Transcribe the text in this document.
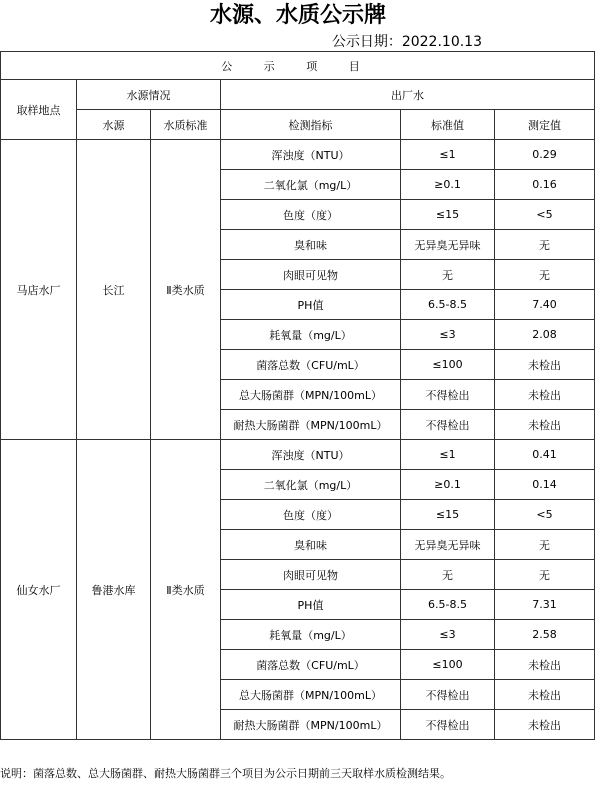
水源、水质公示牌
公示日期：2022.10.13
公 示 项 目					
取样地点	水源情况		出厂水		
	水源	水质标准	检测指标	标准值	测定值
马店水厂	长江	Ⅱ类水质	浑浊度（NTU）	≤1	0.29
			二氧化氯（mg/L）	≥0.1	0.16
			色度（度）	≤15	<5
			臭和味	无异臭无异味	无
			肉眼可见物	无	无
			PH值	6.5-8.5	7.40
			耗氧量（mg/L）	≤3	2.08
			菌落总数（CFU/mL）	≤100	未检出
			总大肠菌群（MPN/100mL）	不得检出	未检出
			耐热大肠菌群（MPN/100mL）	不得检出	未检出
仙女水厂	鲁港水库	Ⅱ类水质	浑浊度（NTU）	≤1	0.41
			二氧化氯（mg/L）	≥0.1	0.14
			色度（度）	≤15	<5
			臭和味	无异臭无异味	无
			肉眼可见物	无	无
			PH值	6.5-8.5	7.31
			耗氧量（mg/L）	≤3	2.58
			菌落总数（CFU/mL）	≤100	未检出
			总大肠菌群（MPN/100mL）	不得检出	未检出
			耐热大肠菌群（MPN/100mL）	不得检出	未检出
说明：菌落总数、总大肠菌群、耐热大肠菌群三个项目为公示日期前三天取样水质检测结果。
